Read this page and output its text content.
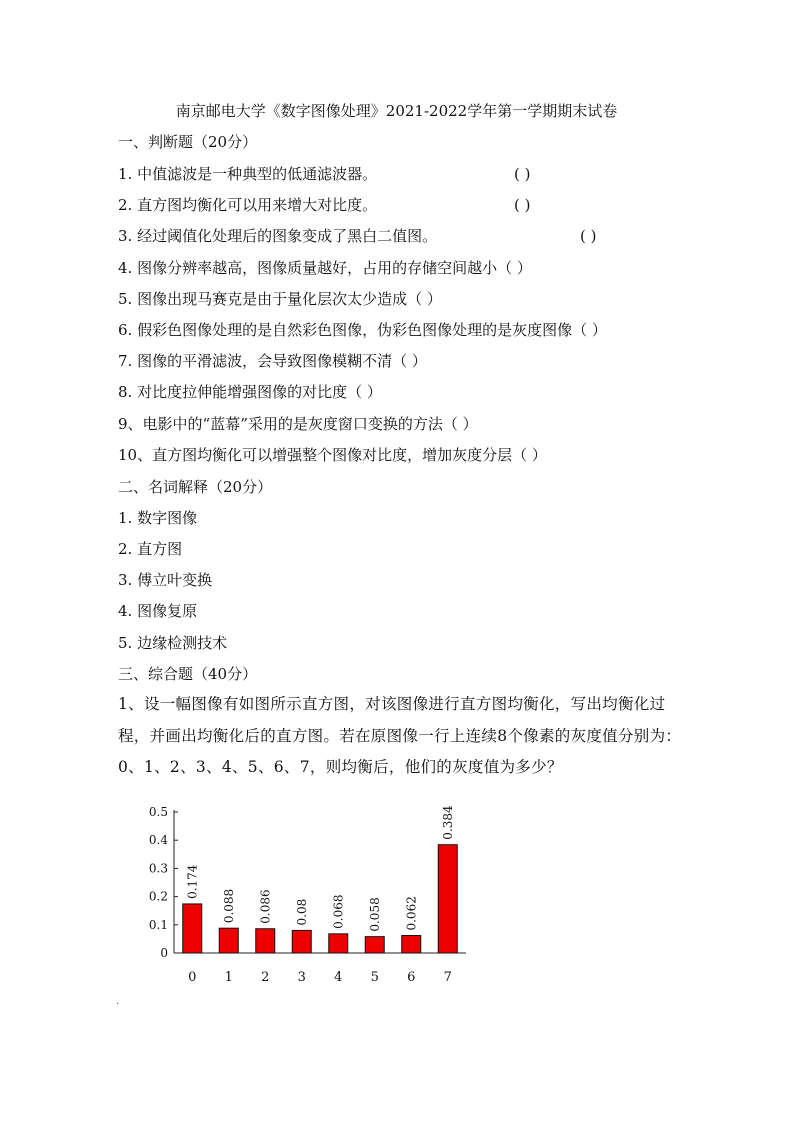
南京邮电大学《数字图像处理》2021-2022学年第一学期期末试卷
一、判断题（20分）
1. 中值滤波是一种典型的低通滤波器。	( )
2. 直方图均衡化可以用来增大对比度。	( )
3. 经过阈值化处理后的图象变成了黑白二值图。	( )
4. 图像分辨率越高，图像质量越好，占用的存储空间越小（ ）
5. 图像出现马赛克是由于量化层次太少造成（ ）
6. 假彩色图像处理的是自然彩色图像，伪彩色图像处理的是灰度图像（ ）
7. 图像的平滑滤波，会导致图像模糊不清（ ）
8. 对比度拉伸能增强图像的对比度（ ）
9、电影中的“蓝幕”采用的是灰度窗口变换的方法（ ）
10、直方图均衡化可以增强整个图像对比度，增加灰度分层（ ）
二、名词解释（20分）
1. 数字图像
2. 直方图
3. 傅立叶变换
4. 图像复原
5. 边缘检测技术
三、综合题（40分）
1、设一幅图像有如图所示直方图，对该图像进行直方图均衡化，写出均衡化过程，并画出均衡化后的直方图。若在原图像一行上连续8个像素的灰度值分别为：0、1、2、3、4、5、6、7，则均衡后，他们的灰度值为多少？
0
0.1
0.2
0.3
0.4
0.5
0.174
0
0.088
1
0.086
2
0.08
3
0.068
4
0.058
5
0.062
6
0.384
7
.
